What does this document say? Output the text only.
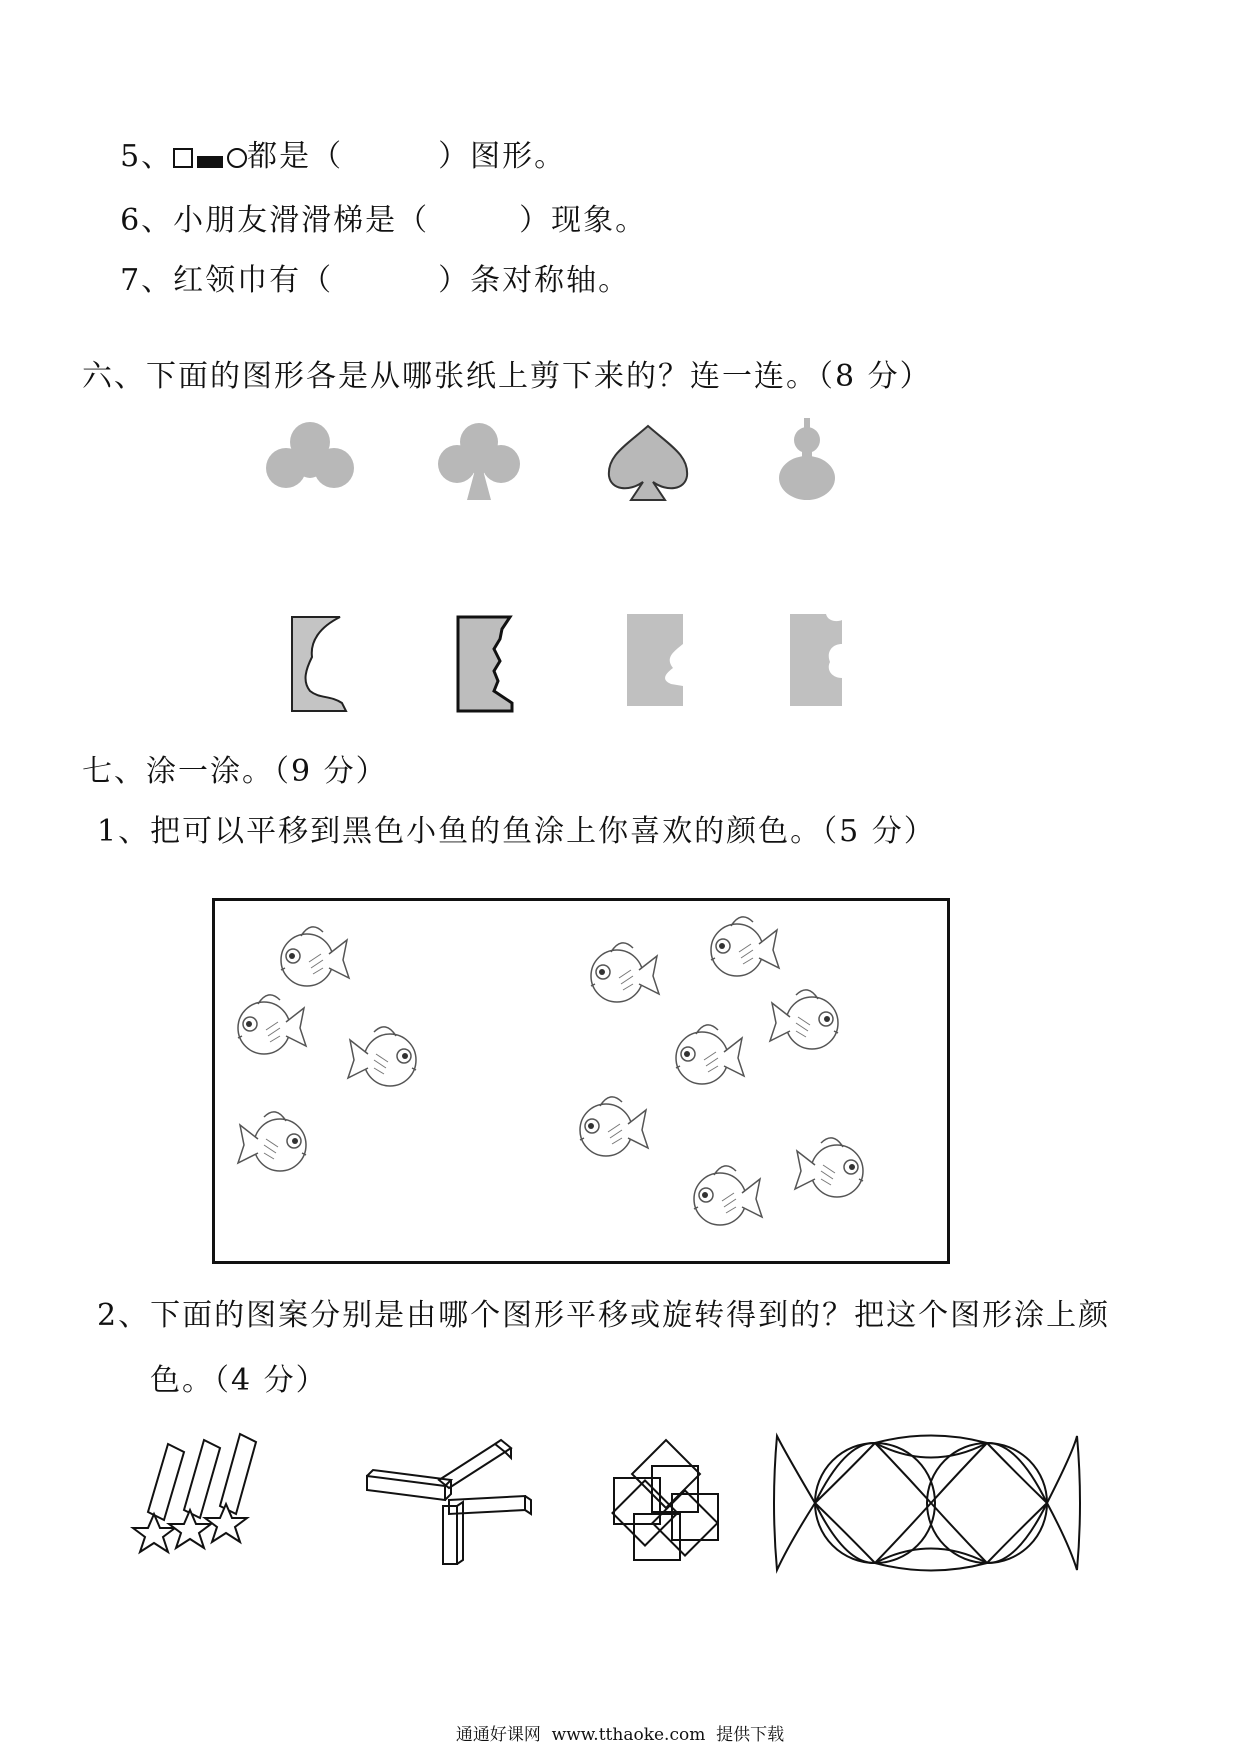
5、 都是（	）图形。

6、小朋友滑滑梯是（	）现象。

7、红领巾有（	）条对称轴。

六、下面的图形各是从哪张纸上剪下来的？连一连。（8 分）
七、涂一涂。（9 分）
1、把可以平移到黑色小鱼的鱼涂上你喜欢的颜色。（5 分）
2、下面的图案分别是由哪个图形平移或旋转得到的？把这个图形涂上颜
色。（4 分）
通通好课网  www.tthaoke.com  提供下载
